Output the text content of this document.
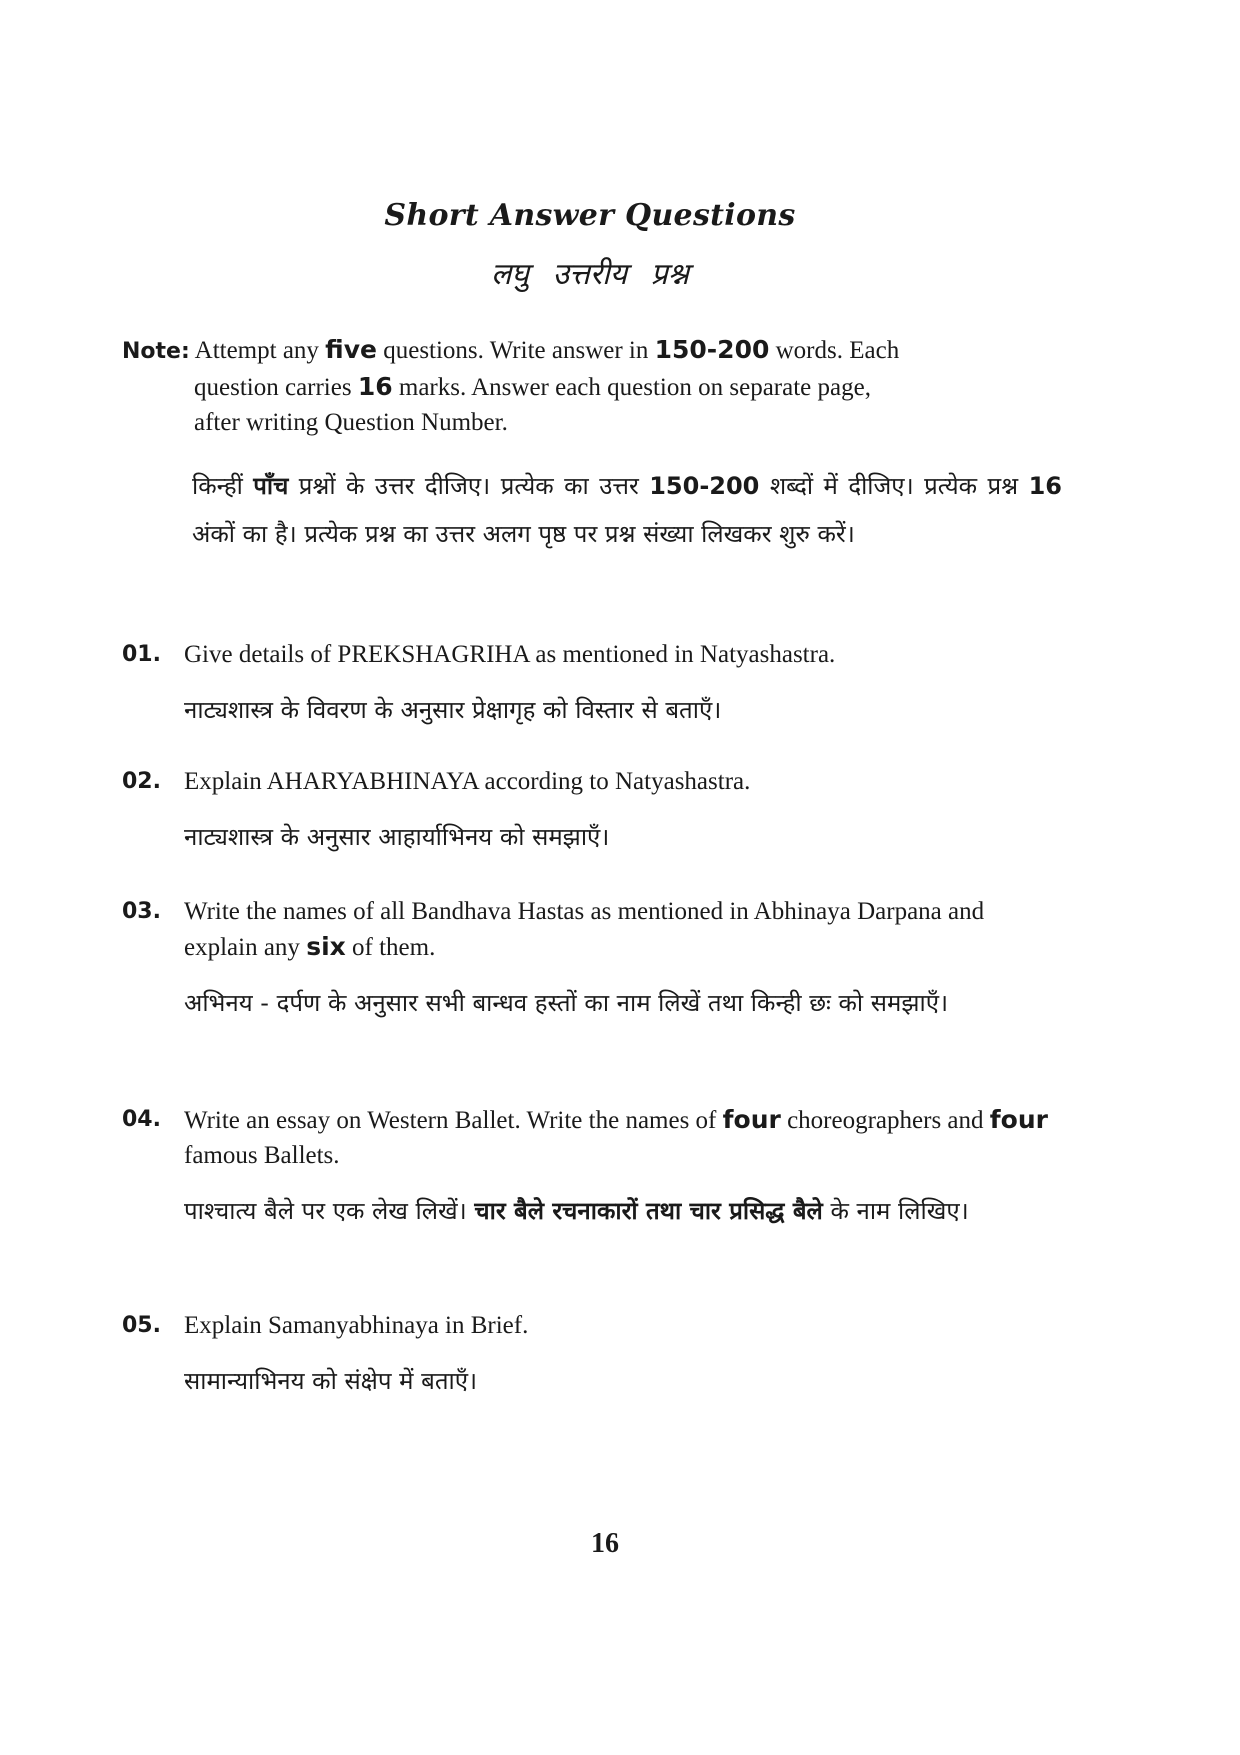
Short Answer Questions
लघु उत्तरीय प्रश्न
Note: Attempt any five questions. Write answer in 150-200 words. Each
question carries 16 marks. Answer each question on separate page,
after writing Question Number.
किन्हीं पाँच प्रश्नों के उत्तर दीजिए। प्रत्येक का उत्तर 150-200 शब्दों में दीजिए। प्रत्येक प्रश्न 16 अंकों का है। प्रत्येक प्रश्न का उत्तर अलग पृष्ठ पर प्रश्न संख्या लिखकर शुरु करें।
01. Give details of PREKSHAGRIHA as mentioned in Natyashastra.
नाट्यशास्त्र के विवरण के अनुसार प्रेक्षागृह को विस्तार से बताएँ।
02. Explain AHARYABHINAYA according to Natyashastra.
नाट्यशास्त्र के अनुसार आहार्याभिनय को समझाएँ।
03. Write the names of all Bandhava Hastas as mentioned in Abhinaya Darpana and explain any six of them.
अभिनय - दर्पण के अनुसार सभी बान्धव हस्तों का नाम लिखें तथा किन्ही छः को समझाएँ।
04. Write an essay on Western Ballet. Write the names of four choreographers and four famous Ballets.
पाश्चात्य बैले पर एक लेख लिखें। चार बैले रचनाकारों तथा चार प्रसिद्ध बैले के नाम लिखिए।
05. Explain Samanyabhinaya in Brief.
सामान्याभिनय को संक्षेप में बताएँ।
16
